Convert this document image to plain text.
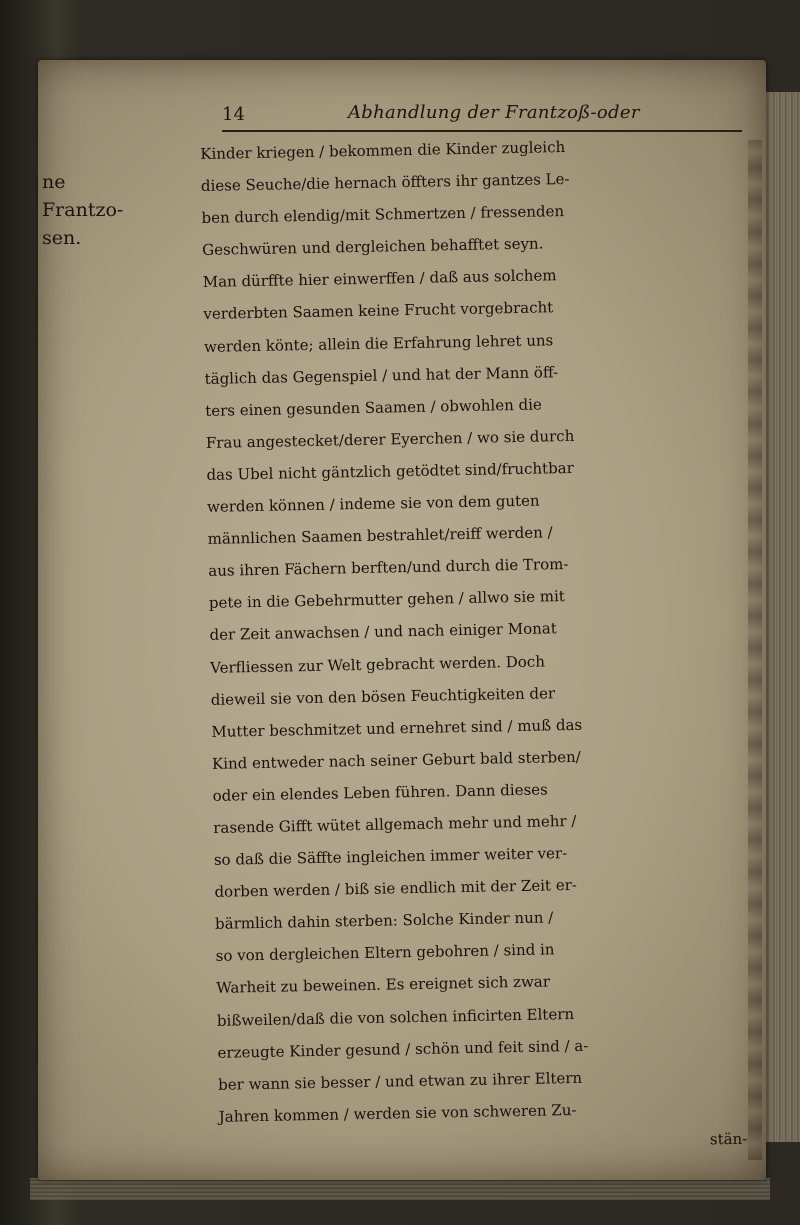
14	Abhandlung der Frantzoß-oder
ne Frantzo-
sen.
Kinder kriegen / bekommen die Kinder zugleich
diese Seuche/die hernach öffters ihr gantzes Le-
ben durch elendig/mit Schmertzen / fressenden
Geschwüren und dergleichen behafftet seyn.
Man dürffte hier einwerffen / daß aus solchem
verderbten Saamen keine Frucht vorgebracht
werden könte; allein die Erfahrung lehret uns
täglich das Gegenspiel / und hat der Mann öff-
ters einen gesunden Saamen / obwohlen die
Frau angestecket/derer Eyerchen / wo sie durch
das Ubel nicht gäntzlich getödtet sind/fruchtbar
werden können / indeme sie von dem guten
männlichen Saamen bestrahlet/reiff werden /
aus ihren Fächern berften/und durch die Trom-
pete in die Gebehrmutter gehen / allwo sie mit
der Zeit anwachsen / und nach einiger Monat
Verfliessen zur Welt gebracht werden. Doch
dieweil sie von den bösen Feuchtigkeiten der
Mutter beschmitzet und ernehret sind / muß das
Kind entweder nach seiner Geburt bald sterben/
oder ein elendes Leben führen. Dann dieses
rasende Gifft wütet allgemach mehr und mehr /
so daß die Säffte ingleichen immer weiter ver-
dorben werden / biß sie endlich mit der Zeit er-
bärmlich dahin sterben: Solche Kinder nun /
so von dergleichen Eltern gebohren / sind in
Warheit zu beweinen. Es ereignet sich zwar
bißweilen/daß die von solchen inficirten Eltern
erzeugte Kinder gesund / schön und feit sind / a-
ber wann sie besser / und etwan zu ihrer Eltern
Jahren kommen / werden sie von schweren Zu-
stän-
